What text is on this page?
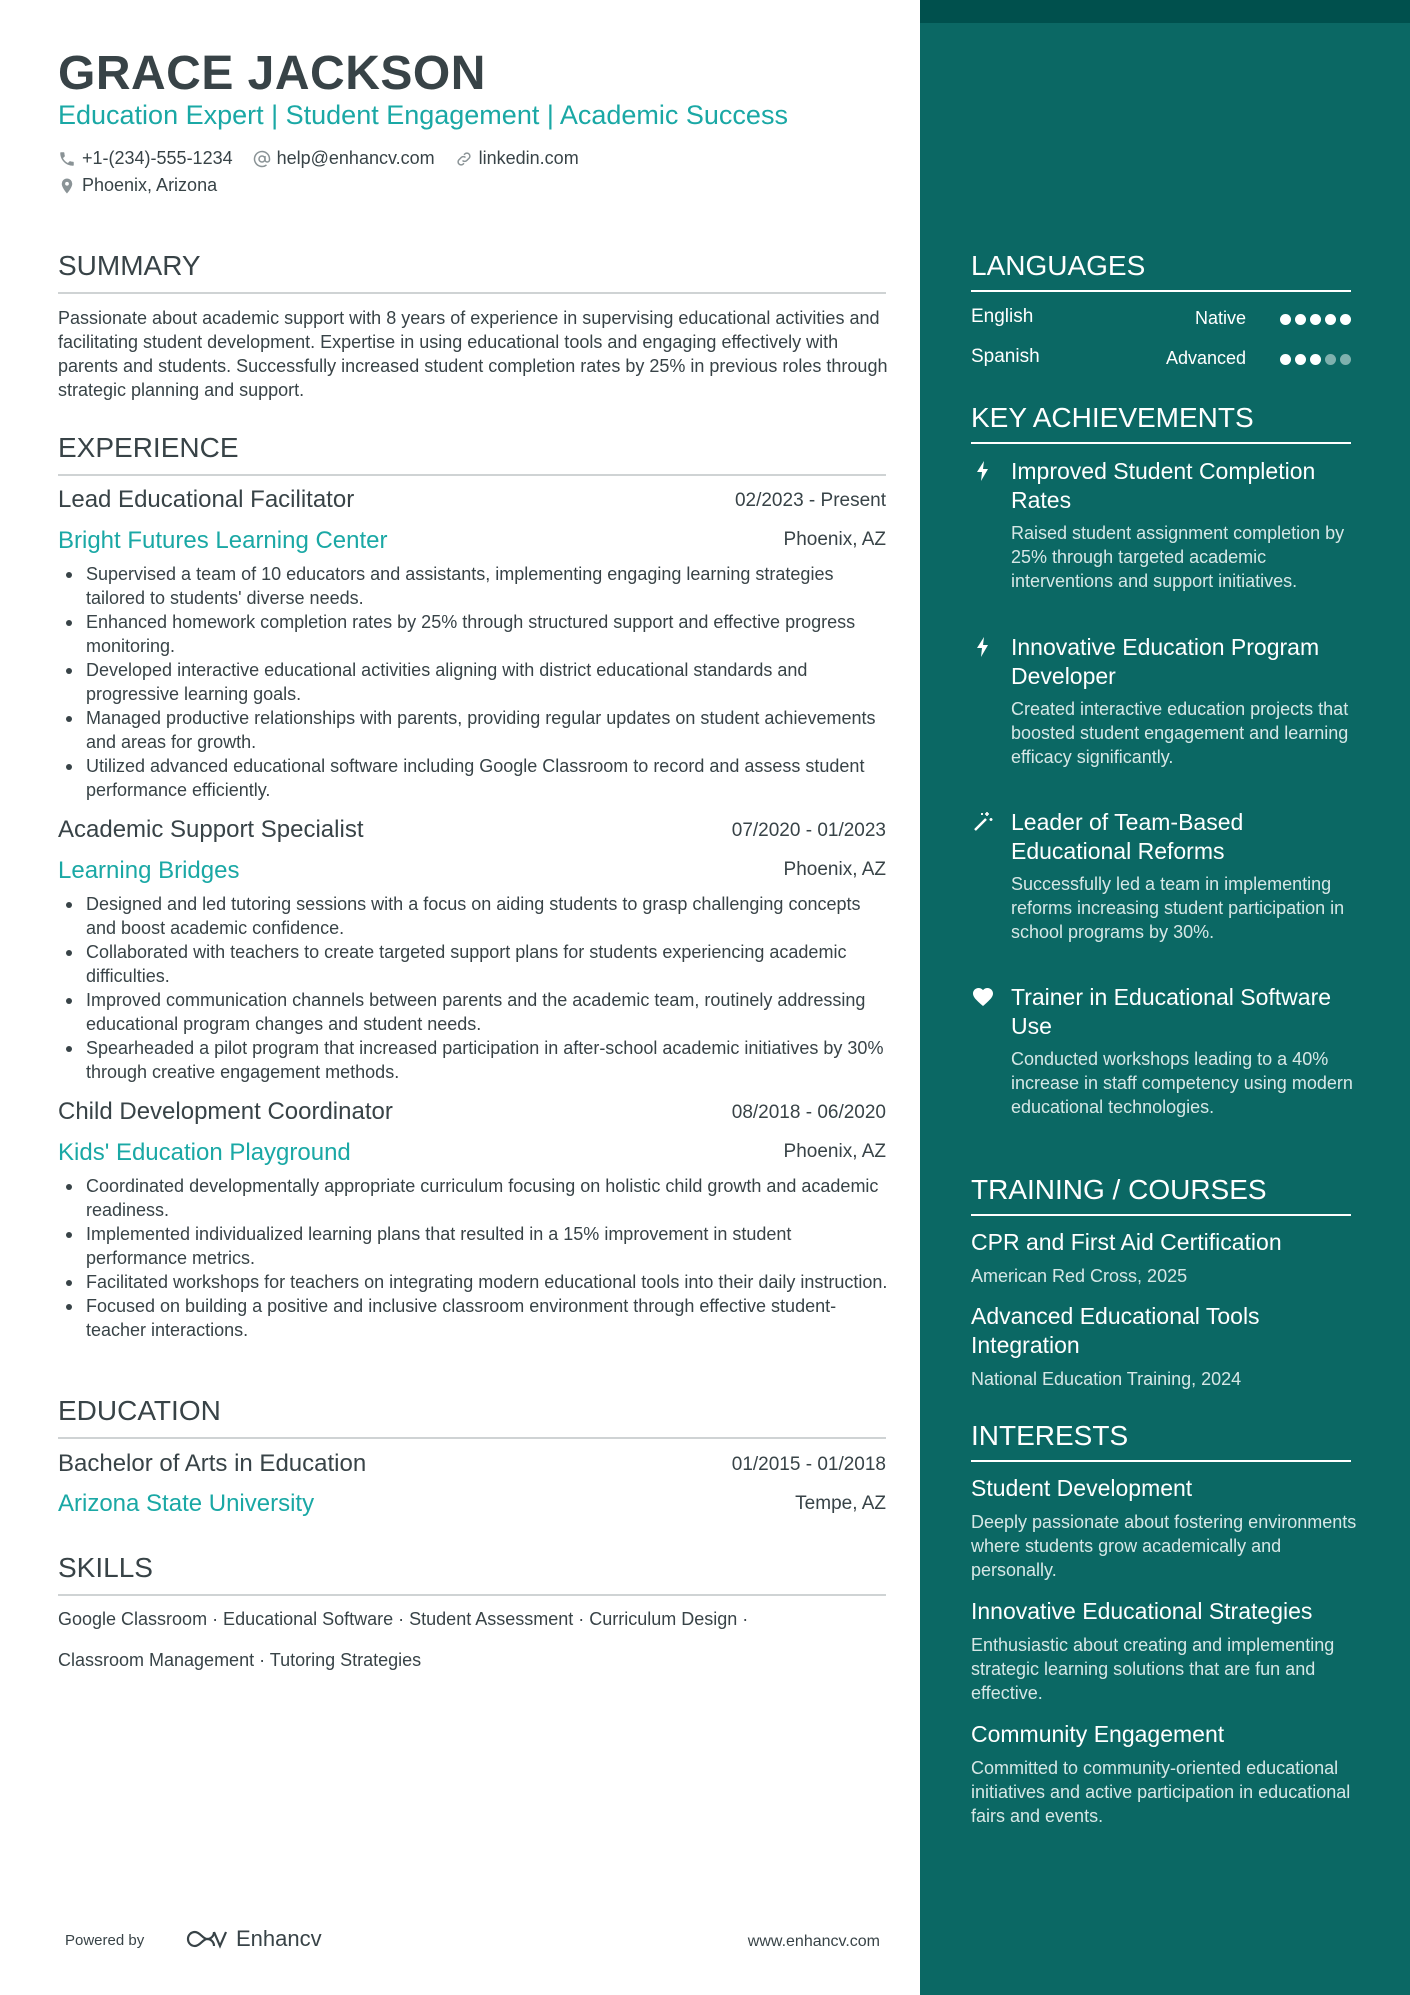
GRACE JACKSON
Education Expert | Student Engagement | Academic Success
+1-(234)-555-1234 help@enhancv.com linkedin.com
Phoenix, Arizona
SUMMARY
Passionate about academic support with 8 years of experience in supervising educational activities and facilitating student development. Expertise in using educational tools and engaging effectively with parents and students. Successfully increased student completion rates by 25% in previous roles through strategic planning and support.
EXPERIENCE
Lead Educational Facilitator	02/2023 - Present
Bright Futures Learning Center	Phoenix, AZ
Supervised a team of 10 educators and assistants, implementing engaging learning strategies tailored to students' diverse needs.
Enhanced homework completion rates by 25% through structured support and effective progress monitoring.
Developed interactive educational activities aligning with district educational standards and progressive learning goals.
Managed productive relationships with parents, providing regular updates on student achievements and areas for growth.
Utilized advanced educational software including Google Classroom to record and assess student performance efficiently.
Academic Support Specialist	07/2020 - 01/2023
Learning Bridges	Phoenix, AZ
Designed and led tutoring sessions with a focus on aiding students to grasp challenging concepts and boost academic confidence.
Collaborated with teachers to create targeted support plans for students experiencing academic difficulties.
Improved communication channels between parents and the academic team, routinely addressing educational program changes and student needs.
Spearheaded a pilot program that increased participation in after-school academic initiatives by 30% through creative engagement methods.
Child Development Coordinator	08/2018 - 06/2020
Kids' Education Playground	Phoenix, AZ
Coordinated developmentally appropriate curriculum focusing on holistic child growth and academic readiness.
Implemented individualized learning plans that resulted in a 15% improvement in student performance metrics.
Facilitated workshops for teachers on integrating modern educational tools into their daily instruction.
Focused on building a positive and inclusive classroom environment through effective student-teacher interactions.
EDUCATION
Bachelor of Arts in Education	01/2015 - 01/2018
Arizona State University	Tempe, AZ
SKILLS
Google Classroom · Educational Software · Student Assessment · Curriculum Design ·
Classroom Management · Tutoring Strategies
Powered by	Enhancv	www.enhancv.com
LANGUAGES
English	Native
Spanish	Advanced
KEY ACHIEVEMENTS
Improved Student Completion Rates
Raised student assignment completion by 25% through targeted academic interventions and support initiatives.
Innovative Education Program Developer
Created interactive education projects that boosted student engagement and learning efficacy significantly.
Leader of Team-Based Educational Reforms
Successfully led a team in implementing reforms increasing student participation in school programs by 30%.
Trainer in Educational Software Use
Conducted workshops leading to a 40% increase in staff competency using modern educational technologies.
TRAINING / COURSES
CPR and First Aid Certification
American Red Cross, 2025
Advanced Educational Tools Integration
National Education Training, 2024
INTERESTS
Student Development
Deeply passionate about fostering environments where students grow academically and personally.
Innovative Educational Strategies
Enthusiastic about creating and implementing strategic learning solutions that are fun and effective.
Community Engagement
Committed to community-oriented educational initiatives and active participation in educational fairs and events.
